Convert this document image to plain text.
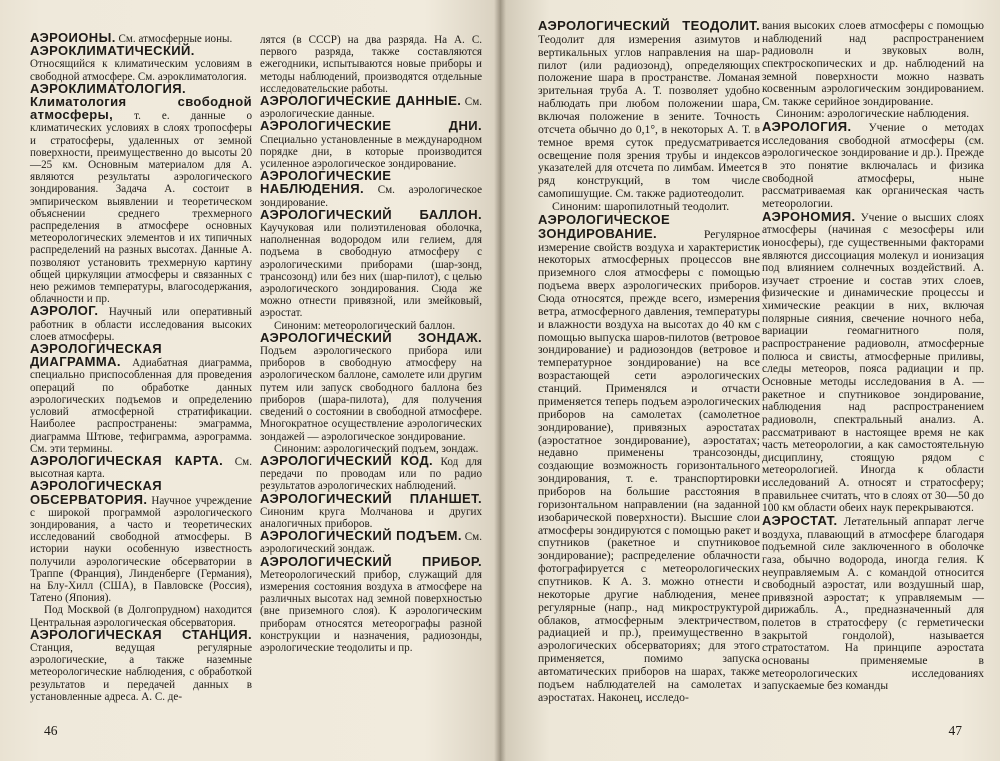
АЭРОИОНЫ. См. атмосферные ионы.

АЭРОКЛИМАТИЧЕСКИЙ. Относящийся к климатическим условиям в свободной атмосфере. См. аэроклиматология.

АЭРОКЛИМАТОЛОГИЯ. Климатология свободной атмосферы, т. е. данные о климатических условиях в слоях тропосферы и стратосферы, удаленных от земной поверхности, преимущественно до высоты 20—25 км. Основным материалом для А. являются результаты аэрологического зондирования. Задача А. состоит в эмпирическом выявлении и теоретическом объяснении среднего трехмерного распределения в атмосфере основных метеорологических элементов и их типичных распределений на разных высотах. Данные А. позволяют установить трехмерную картину общей циркуляции атмосферы и связанных с нею режимов температуры, влагосодержания, облачности и пр.

АЭРОЛОГ. Научный или оперативный работник в области исследования высоких слоев атмосферы.

АЭРОЛОГИЧЕСКАЯ ДИАГРАММА. Адиабатная диаграмма, специально приспособленная для проведения операций по обработке данных аэрологических подъемов и определению условий атмосферной стратификации. Наиболее распространены: эмаграмма, диаграмма Штюве, тефиграмма, аэрограмма. См. эти термины.

АЭРОЛОГИЧЕСКАЯ КАРТА. См. высотная карта.

АЭРОЛОГИЧЕСКАЯ ОБСЕРВАТОРИЯ. Научное учреждение с широкой программой аэрологического зондирования, а часто и теоретических исследований свободной атмосферы. В истории науки особенную известность получили аэрологические обсерватории в Траппе (Франция), Линденберге (Германия), на Блу-Хилл (США), в Павловске (Россия), Татено (Япония).

Под Москвой (в Долгопрудном) находится Центральная аэрологическая обсерватория.

АЭРОЛОГИЧЕСКАЯ СТАНЦИЯ. Станция, ведущая регулярные аэрологические, а также наземные метеорологические наблюдения, с обработкой результатов и передачей данных в установленные адреса. А. С. де-

лятся (в СССР) на два разряда. На А. С. первого разряда, также составляются ежегодники, испытываются новые приборы и методы наблюдений, производятся отдельные исследовательские работы.

АЭРОЛОГИЧЕСКИЕ ДАННЫЕ. См. аэрологические данные.

АЭРОЛОГИЧЕСКИЕ ДНИ. Специально установленные в международном порядке дни, в которые производится усиленное аэрологическое зондирование.

АЭРОЛОГИЧЕСКИЕ НАБЛЮДЕНИЯ. См. аэрологическое зондирование.

АЭРОЛОГИЧЕСКИЙ БАЛЛОН. Каучуковая или полиэтиленовая оболочка, наполненная водородом или гелием, для подъема в свободную атмосферу с аэрологическими приборами (шар-зонд, трансозонд) или без них (шар-пилот), с целью аэрологического зондирования. Сюда же можно отнести привязной, или змейковый, аэростат.

Синоним: метеорологический баллон.

АЭРОЛОГИЧЕСКИЙ ЗОНДАЖ. Подъем аэрологического прибора или приборов в свободную атмосферу на аэрологическом баллоне, самолете или другим путем или запуск свободного баллона без приборов (шара-пилота), для получения сведений о состоянии в свободной атмосфере. Многократное осуществление аэрологических зондажей — аэрологическое зондирование.

Синоним: аэрологический подъем, зондаж.

АЭРОЛОГИЧЕСКИЙ КОД. Код для передачи по проводам или по радио результатов аэрологических наблюдений.

АЭРОЛОГИЧЕСКИЙ ПЛАНШЕТ. Синоним круга Молчанова и других аналогичных приборов.

АЭРОЛОГИЧЕСКИЙ ПОДЪЕМ. См. аэрологический зондаж.

АЭРОЛОГИЧЕСКИЙ ПРИБОР. Метеорологический прибор, служащий для измерения состояния воздуха в атмосфере на различных высотах над земной поверхностью (вне приземного слоя). К аэрологическим приборам относятся метеорографы разной конструкции и назначения, радиозонды, аэрологические теодолиты и пр.

46

АЭРОЛОГИЧЕСКИЙ ТЕОДОЛИТ. Теодолит для измерения азимутов и вертикальных углов направления на шар-пилот (или радиозонд), определяющих положение шара в пространстве. Ломаная зрительная труба А. Т. позволяет удобно наблюдать при любом положении шара, включая положение в зените. Точность отсчета обычно до 0,1°, в некоторых А. Т. в темное время суток предусматривается освещение поля зрения трубы и индексов указателей для отсчета по лимбам. Имеется ряд конструкций, в том числе самопишущие. См. также радиотеодолит.

Синоним: шаропилотный теодолит.

АЭРОЛОГИЧЕСКОЕ ЗОНДИРОВАНИЕ.	Регулярное измерение свойств воздуха и характеристик некоторых атмосферных процессов вне приземного слоя атмосферы с помощью подъема вверх аэрологических приборов. Сюда относятся, прежде всего, измерения ветра, атмосферного давления, температуры и влажности воздуха на высотах до 40 км с помощью выпуска шаров-пилотов (ветровое зондирование) и радиозондов (ветровое и температурное зондирование) на все возрастающей сети аэрологических станций. Применялся и отчасти применяется теперь подъем аэрологических приборов на самолетах (самолетное зондирование), привязных аэростатах (аэростатное зондирование), аэростатах; недавно применены трансозонды, создающие возможность горизонтального зондирования, т. е. транспортировки приборов на большие расстояния в горизонтальном направлении (на заданной изобарической поверхности). Высшие слои атмосферы зондируются с помощью ракет и спутников (ракетное и спутниковое зондирование); распределение облачности фотографируется с метеорологических спутников. К А. З. можно отнести и некоторые другие наблюдения, менее регулярные (напр., над микроструктурой облаков, атмосферным электричеством, радиацией и пр.), преимущественно в аэрологических обсерваториях; для этого применяется, помимо запуска автоматических приборов на шарах, также подъем наблюдателей на самолетах и аэростатах. Наконец, исследо-

вания высоких слоев атмосферы с помощью наблюдений над распространением радиоволн и звуковых волн, спектроскопических и др. наблюдений на земной поверхности можно назвать косвенным аэрологическим зондированием. См. также серийное зондирование.

Синоним: аэрологические наблюдения.

АЭРОЛОГИЯ. Учение о методах исследования свободной атмосферы (см. аэрологическое зондирование и др.). Прежде в это понятие включалась и физика свободной атмосферы, ныне рассматриваемая как органическая часть метеорологии.

АЭРОНОМИЯ. Учение о высших слоях атмосферы (начиная с мезосферы или ионосферы), где существенными факторами являются диссоциация молекул и ионизация под влиянием солнечных воздействий. А. изучает строение и состав этих слоев, физические и динамические процессы и химические реакции в них, включая полярные сияния, свечение ночного неба, вариации геомагнитного поля, распространение радиоволн, атмосферные полюса и свисты, атмосферные приливы, следы метеоров, пояса радиации и пр. Основные методы исследования в А. — ракетное и спутниковое зондирование, наблюдения над распространением радиоволн, спектральный анализ. А. рассматривают в настоящее время не как часть метеорологии, а как самостоятельную дисциплину, стоящую рядом с метеорологией. Иногда к области исследований А. относят и стратосферу; правильнее считать, что в слоях от 30—50 до 100 км области обеих наук перекрываются.

АЭРОСТАТ. Летательный аппарат легче воздуха, плавающий в атмосфере благодаря подъемной силе заключенного в оболочке газа, обычно водорода, иногда гелия. К неуправляемым А. с командой относится свободный аэростат, или воздушный шар, привязной аэростат; к управляемым — дирижабль. А., предназначенный для полетов в стратосферу (с герметически закрытой гондолой), называется стратостатом. На принципе аэростата основаны применяемые в метеорологических исследованиях запускаемые без команды

47
